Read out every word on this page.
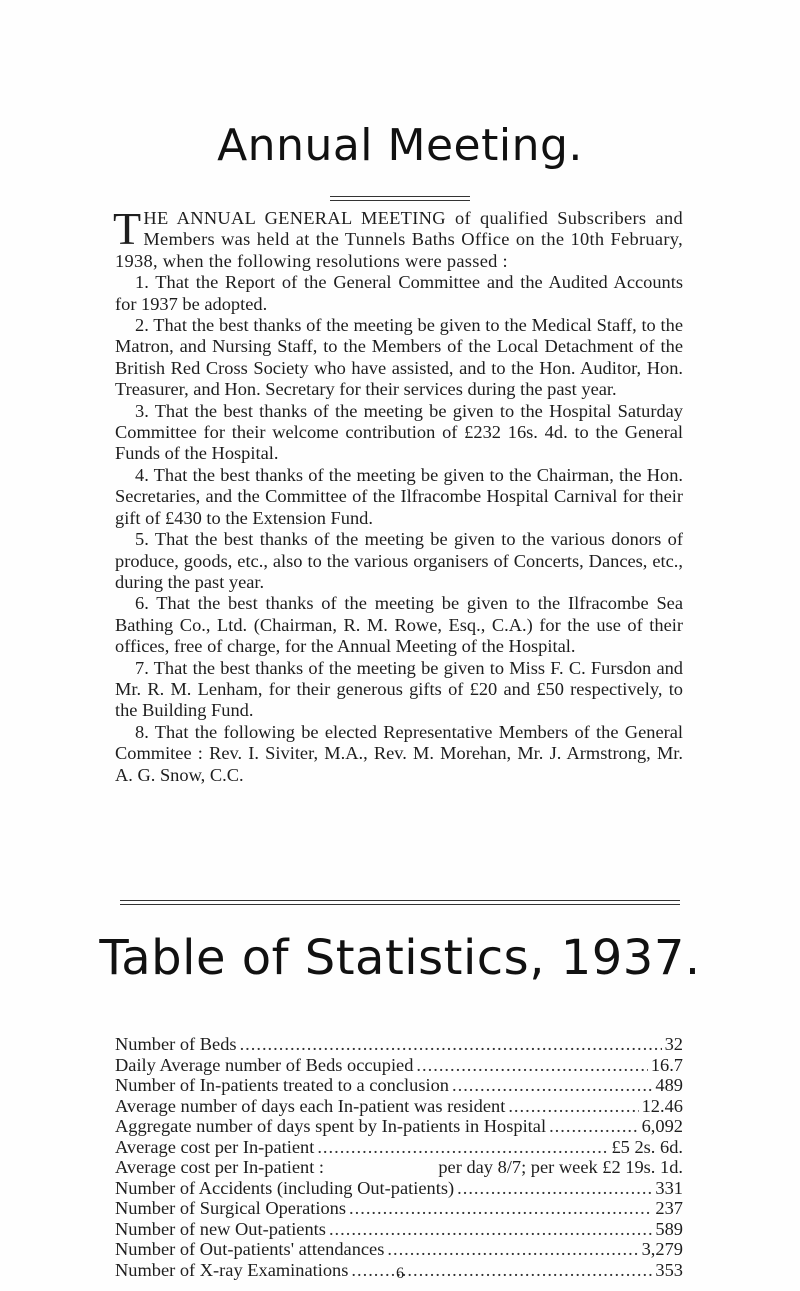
Annual Meeting.

THE ANNUAL GENERAL MEETING of qualified Subscribers and Members was held at the Tunnels Baths Office on the 10th February, 1938, when the following resolutions were passed :

1. That the Report of the General Committee and the Audited Accounts for 1937 be adopted.

2. That the best thanks of the meeting be given to the Medical Staff, to the Matron, and Nursing Staff, to the Members of the Local Detachment of the British Red Cross Society who have assisted, and to the Hon. Auditor, Hon. Treasurer, and Hon. Secretary for their services during the past year.

3. That the best thanks of the meeting be given to the Hospital Saturday Committee for their welcome contribution of £232 16s. 4d. to the General Funds of the Hospital.

4. That the best thanks of the meeting be given to the Chairman, the Hon. Secretaries, and the Committee of the Ilfracombe Hospital Carnival for their gift of £430 to the Extension Fund.

5. That the best thanks of the meeting be given to the various donors of produce, goods, etc., also to the various organisers of Concerts, Dances, etc., during the past year.

6. That the best thanks of the meeting be given to the Ilfracombe Sea Bathing Co., Ltd. (Chairman, R. M. Rowe, Esq., C.A.) for the use of their offices, free of charge, for the Annual Meeting of the Hospital.

7. That the best thanks of the meeting be given to Miss F. C. Fursdon and Mr. R. M. Lenham, for their generous gifts of £20 and £50 respectively, to the Building Fund.

8. That the following be elected Representative Members of the General Commitee : Rev. I. Siviter, M.A., Rev. M. Morehan, Mr. J. Armstrong, Mr. A. G. Snow, C.C.

Table of Statistics, 1937.
Number of Beds .....	32
Daily Average number of Beds occupied .....	16.7
Number of In-patients treated to a conclusion .....	489
Average number of days each In-patient was resident .....	12.46
Aggregate number of days spent by In-patients in Hospital .....	6,092
Average cost per In-patient .....	£5 2s. 6d.
Average cost per In-patient :	per day 8/7; per week £2 19s. 1d.
Number of Accidents (including Out-patients) .....	331
Number of Surgical Operations .....	237
Number of new Out-patients .....	589
Number of Out-patients' attendances .....	3,279
Number of X-ray Examinations .....	353
6
